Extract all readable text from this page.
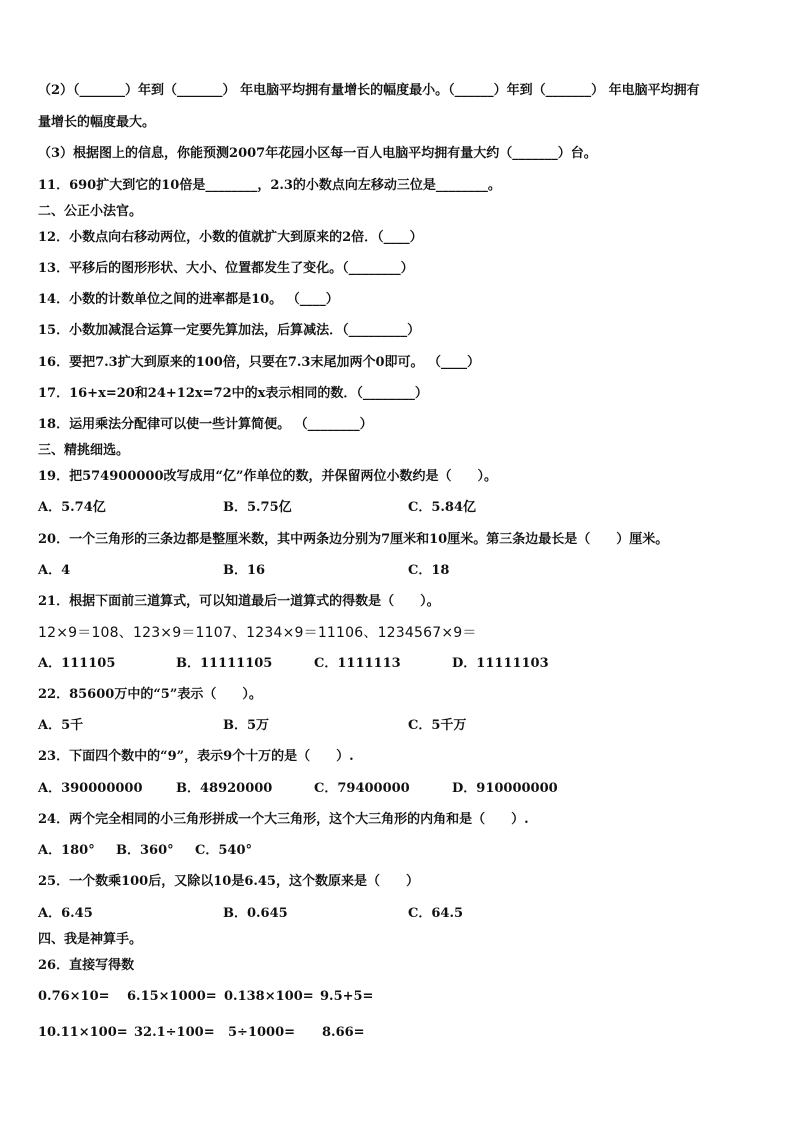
（2）（_______）年到（_______） 年电脑平均拥有量增长的幅度最小。（______）年到（_______） 年电脑平均拥有
量增长的幅度最大。
（3）根据图上的信息，你能预测2007年花园小区每一百人电脑平均拥有量大约（_______）台。
11．690扩大到它的10倍是________，2.3的小数点向左移动三位是________。
二、公正小法官。
12．小数点向右移动两位，小数的值就扩大到原来的2倍．（____）
13．平移后的图形形状、大小、位置都发生了变化。（________）
14．小数的计数单位之间的进率都是10。 （____）
15．小数加减混合运算一定要先算加法，后算减法．（_________）
16．要把7.3扩大到原来的100倍，只要在7.3末尾加两个0即可。 （____）
17．16+x=20和24+12x=72中的x表示相同的数．（________）
18．运用乘法分配律可以使一些计算简便。 （________）
三、精挑细选。
19．把574900000改写成用“亿”作单位的数，并保留两位小数约是（　　）。
A．5.74亿	B．5.75亿	C．5.84亿
20．一个三角形的三条边都是整厘米数，其中两条边分别为7厘米和10厘米。第三条边最长是（　　）厘米。
A．4	B．16	C．18
21．根据下面前三道算式，可以知道最后一道算式的得数是（　　）。
12×9＝108、123×9＝1107、1234×9＝11106、1234567×9＝
A．111105	B．11111105	C．1111113	D．11111103
22．85600万中的“5”表示（　　）。
A．5千	B．5万	C．5千万
23．下面四个数中的“9”，表示9个十万的是（　　）.
A．390000000	B．48920000	C．79400000	D．910000000
24．两个完全相同的小三角形拼成一个大三角形，这个大三角形的内角和是（　　）.
A．180° B．360° C．540°
25．一个数乘100后，又除以10是6.45，这个数原来是（　　）
A．6.45	B．0.645	C．64.5
四、我是神算手。
26．直接写得数
0.76×10= 6.15×1000= 0.138×100= 9.5+5=
10.11×100= 32.1÷100= 5÷1000= 8.66=
